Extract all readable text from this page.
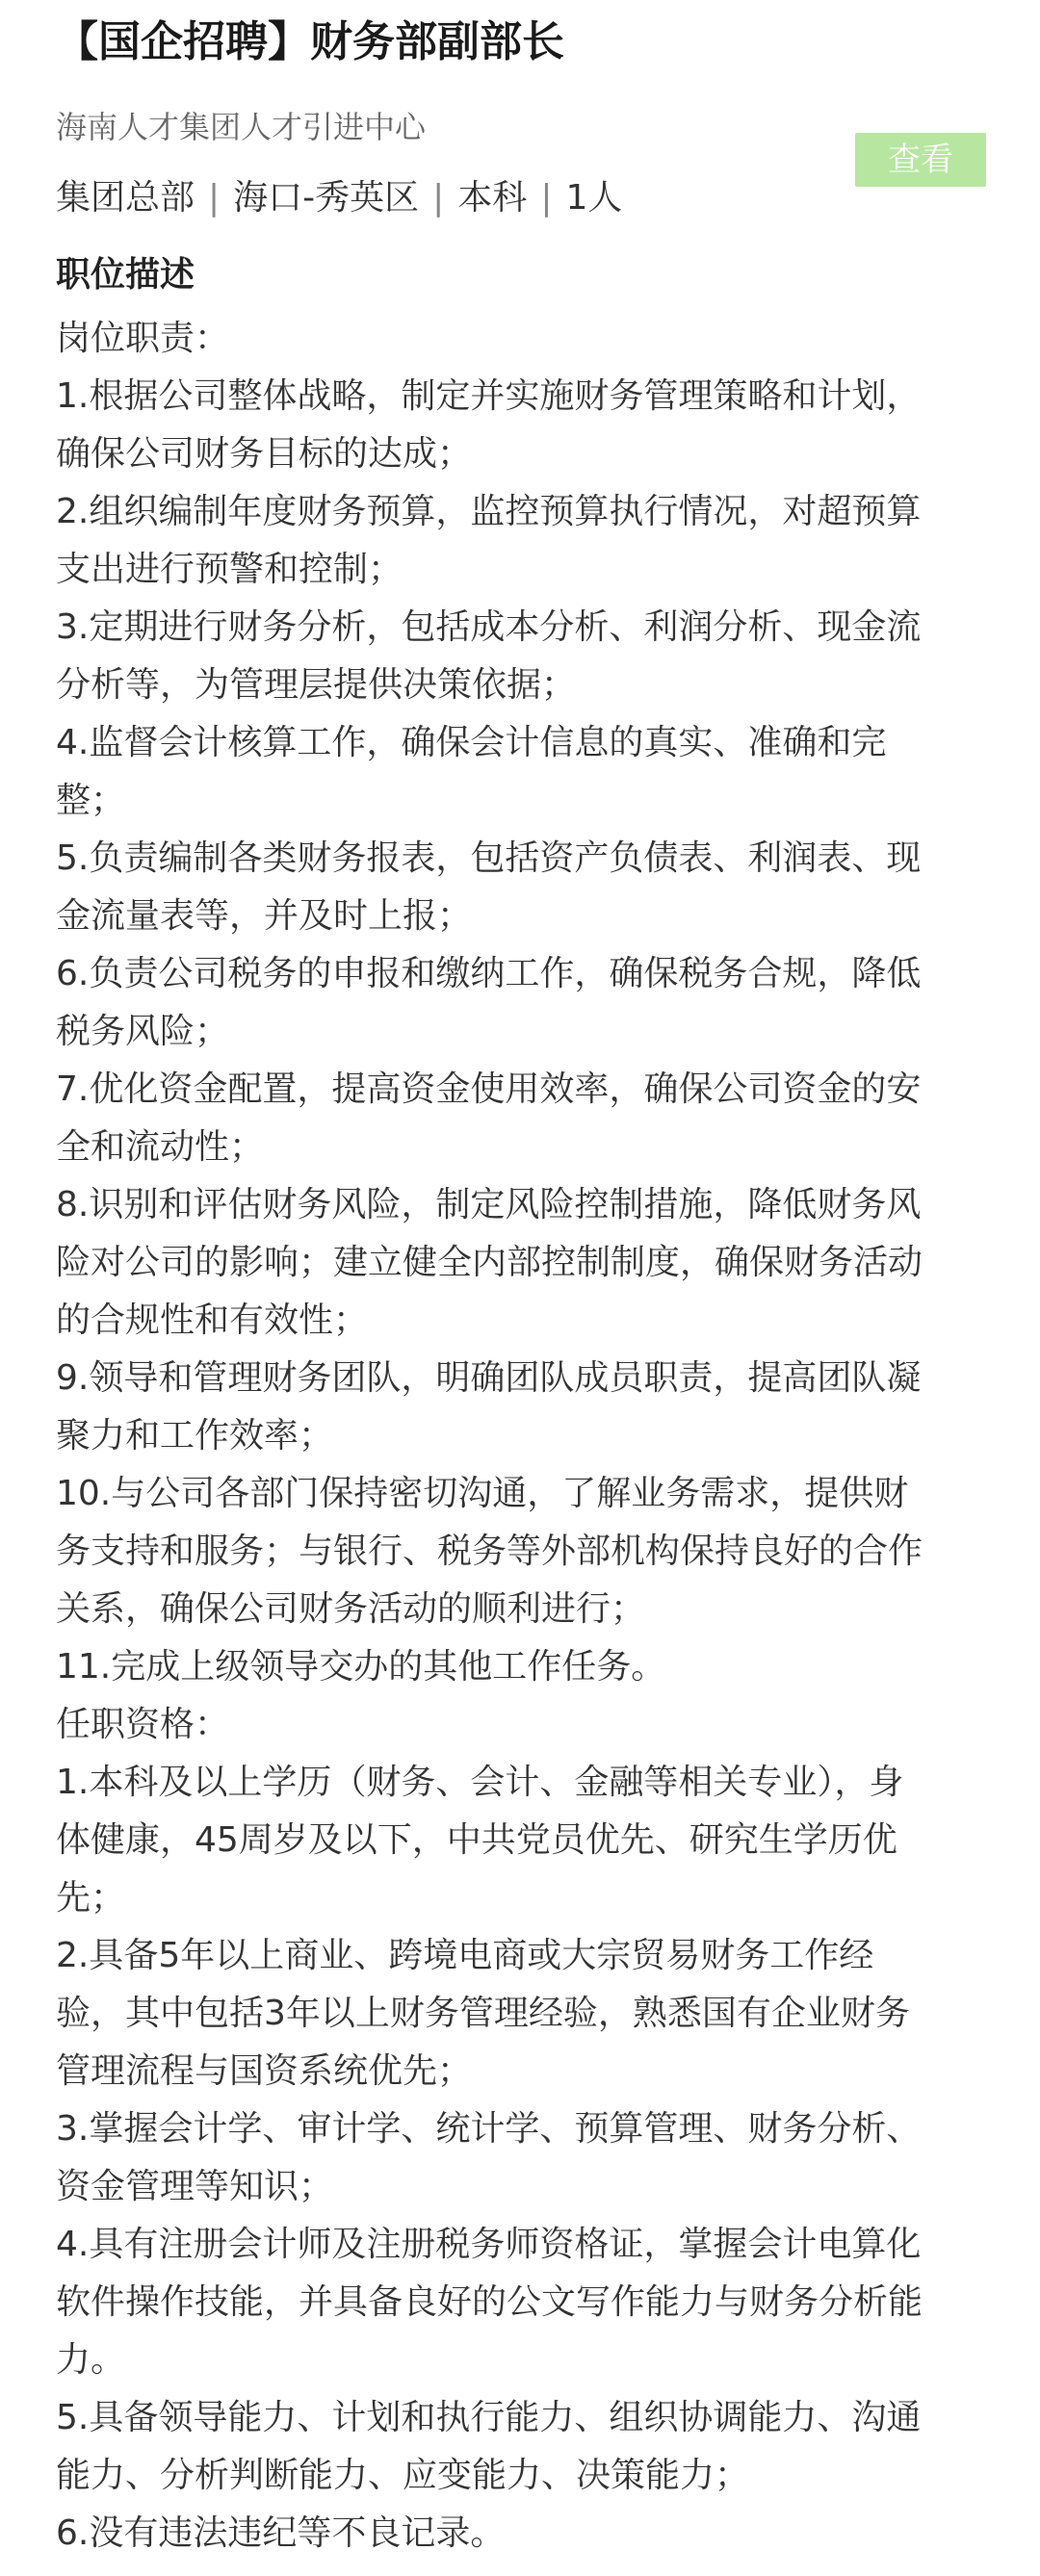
【国企招聘】财务部副部长
海南人才集团人才引进中心
查看
集团总部 | 海口-秀英区 | 本科 | 1人
职位描述
岗位职责：
1.根据公司整体战略，制定并实施财务管理策略和计划，
确保公司财务目标的达成；
2.组织编制年度财务预算，监控预算执行情况，对超预算
支出进行预警和控制；
3.定期进行财务分析，包括成本分析、利润分析、现金流
分析等，为管理层提供决策依据；
4.监督会计核算工作，确保会计信息的真实、准确和完
整；
5.负责编制各类财务报表，包括资产负债表、利润表、现
金流量表等，并及时上报；
6.负责公司税务的申报和缴纳工作，确保税务合规，降低
税务风险；
7.优化资金配置，提高资金使用效率，确保公司资金的安
全和流动性；
8.识别和评估财务风险，制定风险控制措施，降低财务风
险对公司的影响；建立健全内部控制制度，确保财务活动
的合规性和有效性；
9.领导和管理财务团队，明确团队成员职责，提高团队凝
聚力和工作效率；
10.与公司各部门保持密切沟通，了解业务需求，提供财
务支持和服务；与银行、税务等外部机构保持良好的合作
关系，确保公司财务活动的顺利进行；
11.完成上级领导交办的其他工作任务。
任职资格：
1.本科及以上学历（财务、会计、金融等相关专业），身
体健康，45周岁及以下，中共党员优先、研究生学历优
先；
2.具备5年以上商业、跨境电商或大宗贸易财务工作经
验，其中包括3年以上财务管理经验，熟悉国有企业财务
管理流程与国资系统优先；
3.掌握会计学、审计学、统计学、预算管理、财务分析、
资金管理等知识；
4.具有注册会计师及注册税务师资格证，掌握会计电算化
软件操作技能，并具备良好的公文写作能力与财务分析能
力。
5.具备领导能力、计划和执行能力、组织协调能力、沟通
能力、分析判断能力、应变能力、决策能力；
6.没有违法违纪等不良记录。
